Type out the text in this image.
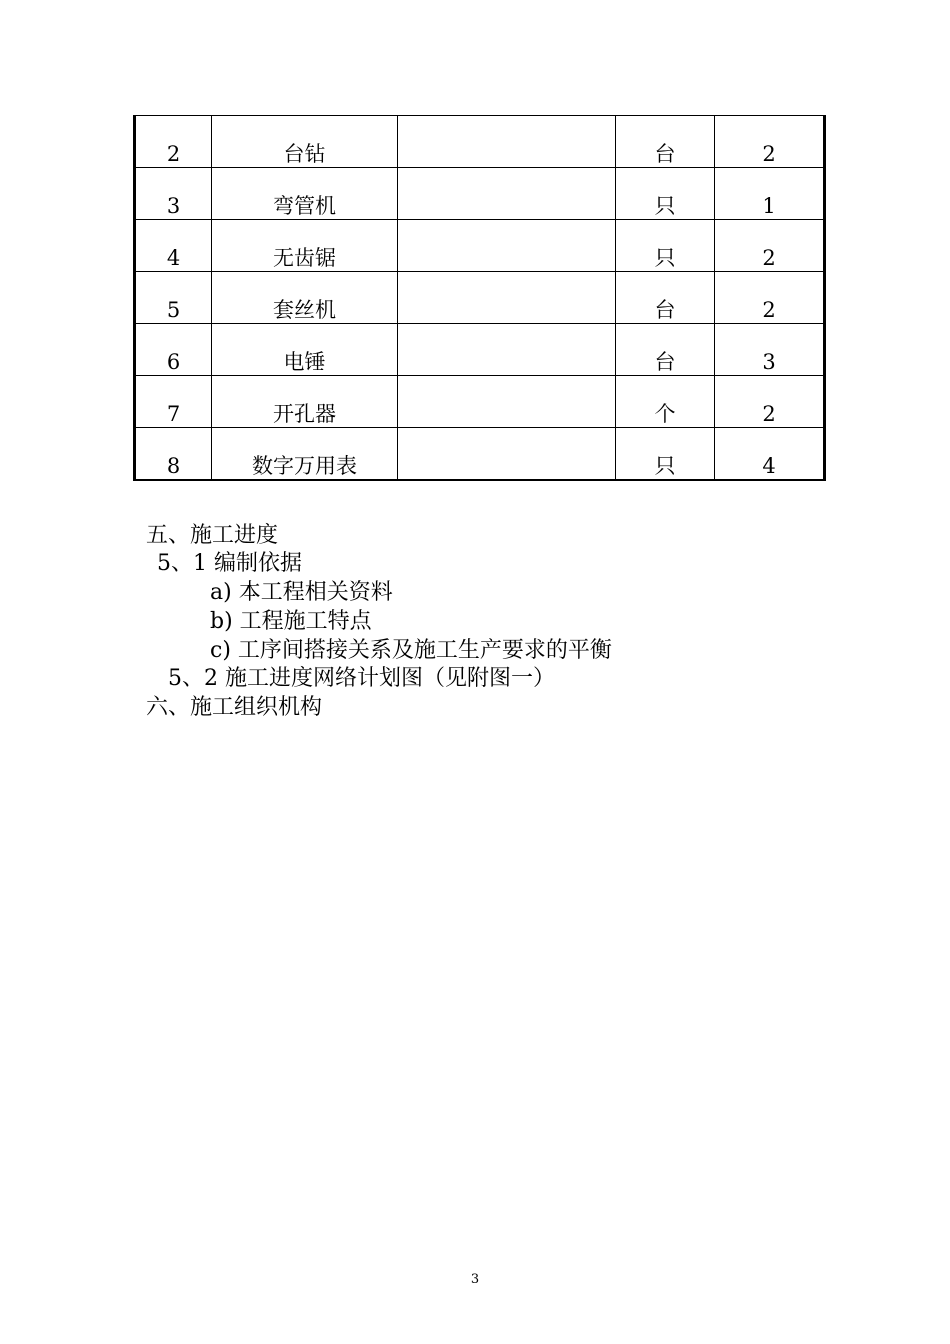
2	台钻		台	2
3	弯管机		只	1
4	无齿锯		只	2
5	套丝机		台	2
6	电锤		台	3
7	开孔器		个	2
8	数字万用表		只	4
五、施工进度
5、1 编制依据
a) 本工程相关资料
b) 工程施工特点
c) 工序间搭接关系及施工生产要求的平衡
5、2 施工进度网络计划图（见附图一）
六、施工组织机构
3
